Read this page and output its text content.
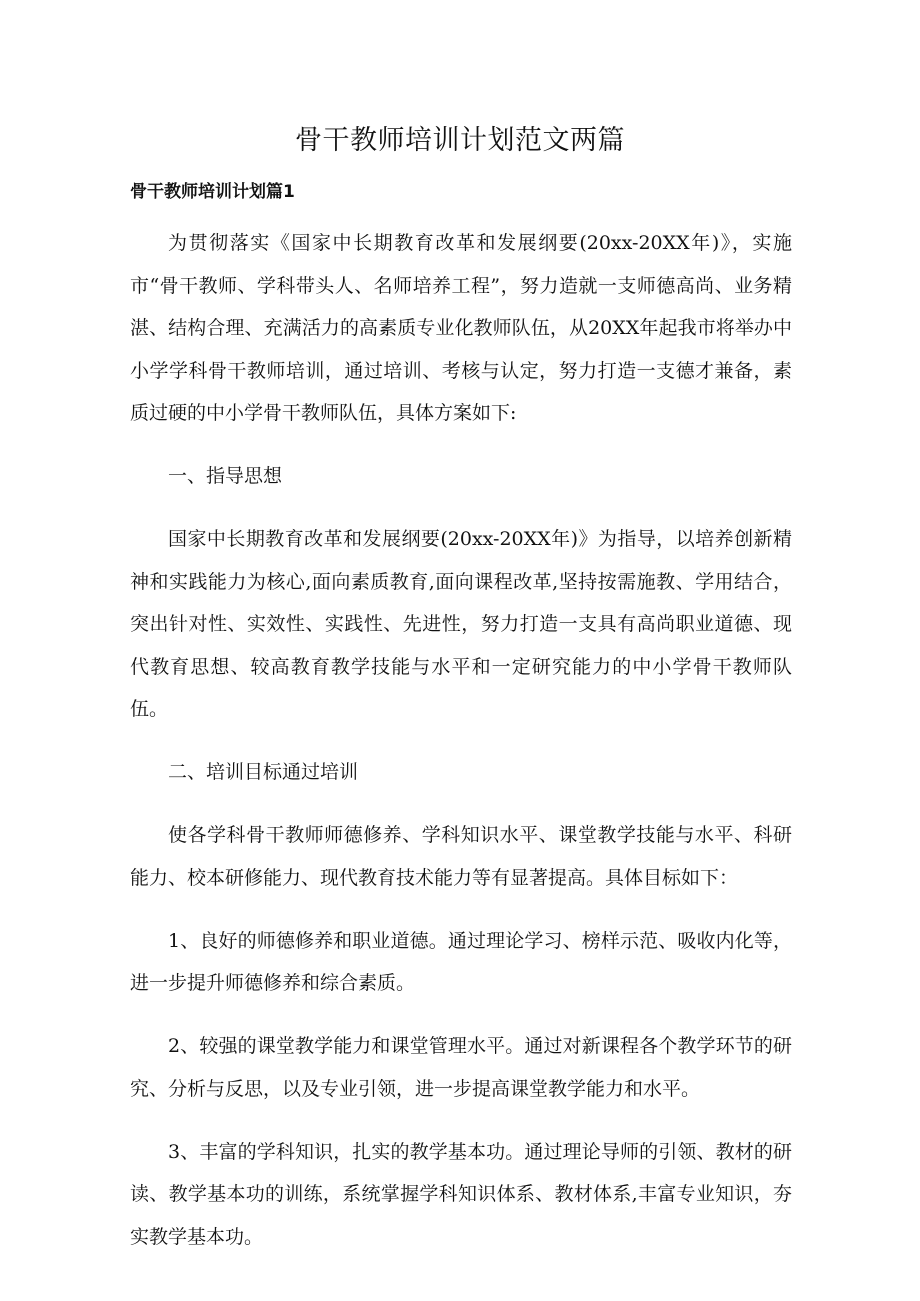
骨干教师培训计划范文两篇
骨干教师培训计划篇1

为贯彻落实《国家中长期教育改革和发展纲要(20xx-20XX年)》，实施市“骨干教师、学科带头人、名师培养工程”，努力造就一支师德高尚、业务精湛、结构合理、充满活力的高素质专业化教师队伍，从20XX年起我市将举办中小学学科骨干教师培训，通过培训、考核与认定，努力打造一支德才兼备，素质过硬的中小学骨干教师队伍，具体方案如下:

一、指导思想

国家中长期教育改革和发展纲要(20xx-20XX年)》为指导，以培养创新精神和实践能力为核心,面向素质教育,面向课程改革,坚持按需施教、学用结合，突出针对性、实效性、实践性、先进性，努力打造一支具有高尚职业道德、现代教育思想、较高教育教学技能与水平和一定研究能力的中小学骨干教师队伍。

二、培训目标通过培训

使各学科骨干教师师德修养、学科知识水平、课堂教学技能与水平、科研能力、校本研修能力、现代教育技术能力等有显著提高。具体目标如下：

1、良好的师德修养和职业道德。通过理论学习、榜样示范、吸收内化等，进一步提升师德修养和综合素质。

2、较强的课堂教学能力和课堂管理水平。通过对新课程各个教学环节的研究、分析与反思，以及专业引领，进一步提高课堂教学能力和水平。

3、丰富的学科知识，扎实的教学基本功。通过理论导师的引领、教材的研读、教学基本功的训练，系统掌握学科知识体系、教材体系,丰富专业知识，夯实教学基本功。
